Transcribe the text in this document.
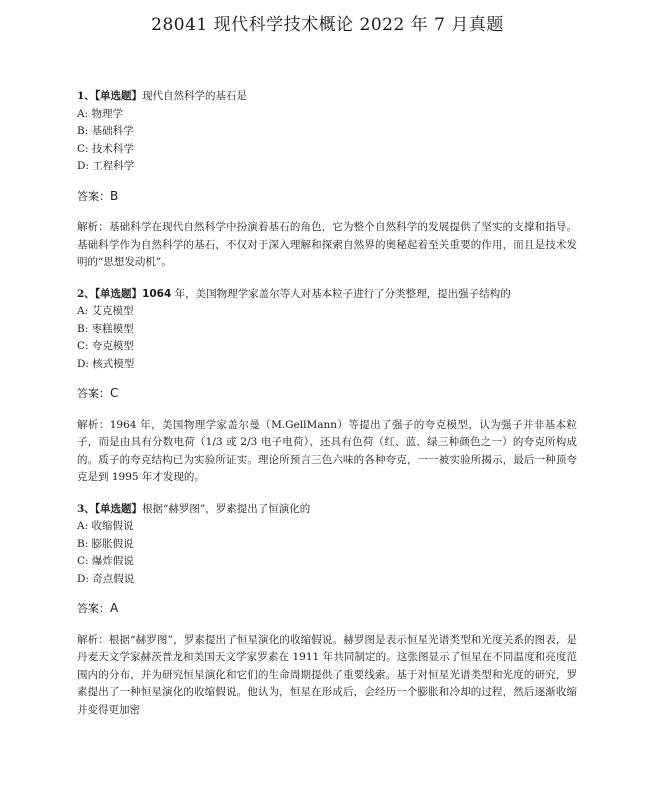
28041 现代科学技术概论 2022 年 7 月真题

1、【单选题】现代自然科学的基石是

A: 物理学

B: 基础科学

C: 技术科学

D: 工程科学

答案：B

解析：基础科学在现代自然科学中扮演着基石的角色，它为整个自然科学的发展提供了坚实的支撑和指导。基础科学作为自然科学的基石，不仅对于深入理解和探索自然界的奥秘起着至关重要的作用，而且是技术发明的“思想发动机”。

2、【单选题】1064 年，美国物理学家盖尔等人对基本粒子进行了分类整理，提出强子结构的

A: 艾克模型

B: 枣糕模型

C: 夸克模型

D: 核式模型

答案：C

解析：1964 年，美国物理学家盖尔曼（M.GellMann）等提出了强子的夸克模型，认为强子并非基本粒子，而是由具有分数电荷（1/3 或 2/3 电子电荷）、还具有色荷（红、蓝、绿三种颜色之一）的夸克所构成的。质子的夸克结构已为实验所证实。理论所预言三色六味的各种夸克，一一被实验所揭示，最后一种顶夸克是到 1995 年才发现的。

3、【单选题】根据“赫罗图”，罗素提出了恒演化的

A: 收缩假说

B: 膨胀假说

C: 爆炸假说

D: 奇点假说

答案：A

解析：根据“赫罗图”，罗素提出了恒星演化的收缩假说。赫罗图是表示恒星光谱类型和光度关系的图表，是丹麦天文学家赫茨普龙和美国天文学家罗素在 1911 年共同制定的。这张图显示了恒星在不同温度和亮度范围内的分布，并为研究恒星演化和它们的生命周期提供了重要线索。基于对恒星光谱类型和光度的研究，罗素提出了一种恒星演化的收缩假说。他认为，恒星在形成后，会经历一个膨胀和冷却的过程，然后逐渐收缩并变得更加密
